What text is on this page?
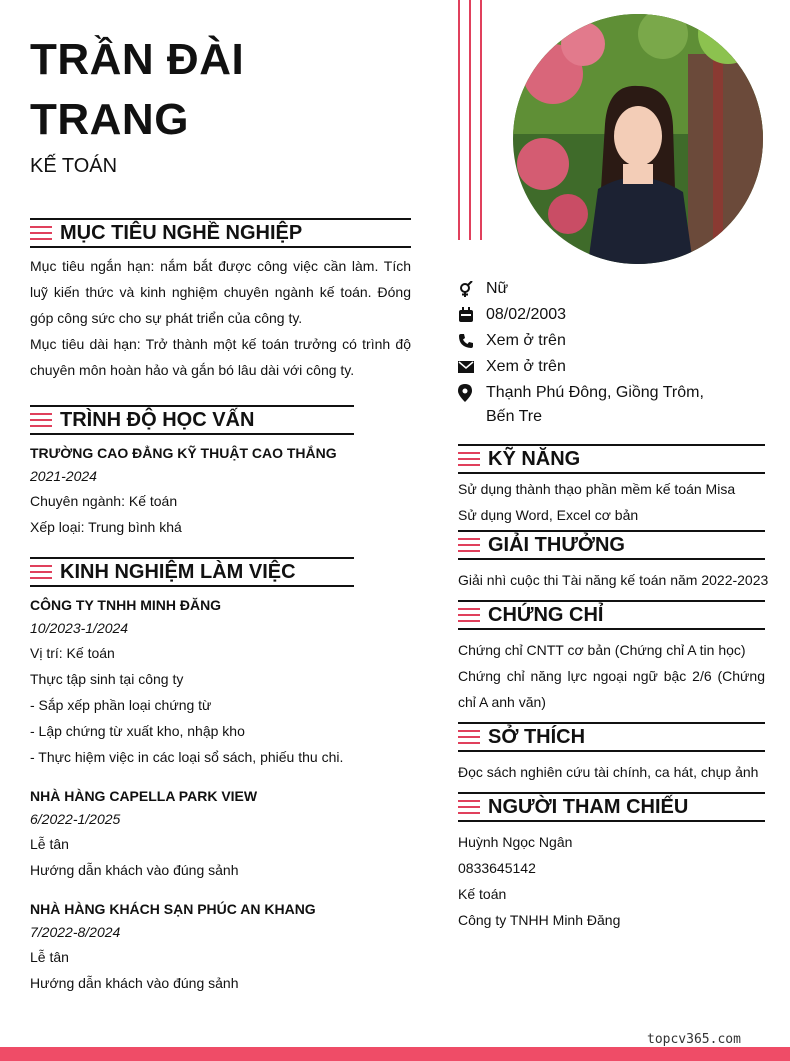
TRẦN ĐÀI
TRANG
KẾ TOÁN
MỤC TIÊU NGHỀ NGHIỆP
Mục tiêu ngắn hạn: nắm bắt được công việc cần làm. Tích luỹ kiến thức và kinh nghiệm chuyên ngành kế toán. Đóng góp công sức cho sự phát triển của công ty.
Mục tiêu dài hạn: Trở thành một kế toán trưởng có trình độ chuyên môn hoàn hảo và gắn bó lâu dài với công ty.
TRÌNH ĐỘ HỌC VẤN
TRƯỜNG CAO ĐẲNG KỸ THUẬT CAO THẮNG
2021-2024
Chuyên ngành: Kế toán
Xếp loại: Trung bình khá
KINH NGHIỆM LÀM VIỆC
CÔNG TY TNHH MINH ĐĂNG
10/2023-1/2024
Vị trí: Kế toán
Thực tập sinh tại công ty
- Sắp xếp phần loại chứng từ
- Lập chứng từ xuất kho, nhập kho
- Thực hiệm việc in các loại sổ sách, phiếu thu chi.
NHÀ HÀNG CAPELLA PARK VIEW
6/2022-1/2025
Lễ tân
Hướng dẫn khách vào đúng sảnh
NHÀ HÀNG KHÁCH SẠN PHÚC AN KHANG
7/2022-8/2024
Lễ tân
Hướng dẫn khách vào đúng sảnh
Nữ
08/02/2003
Xem ở trên
Xem ở trên
Thạnh Phú Đông, Giồng Trôm, Bến Tre
KỸ NĂNG
Sử dụng thành thạo phần mềm kế toán Misa
Sử dụng Word, Excel cơ bản
GIẢI THƯỞNG
Giải nhì cuộc thi Tài năng kế toán năm 2022-2023
CHỨNG CHỈ
Chứng chỉ CNTT cơ bản (Chứng chỉ A tin học)
Chứng chỉ năng lực ngoại ngữ bậc 2/6 (Chứng chỉ A anh văn)
SỞ THÍCH
Đọc sách nghiên cứu tài chính, ca hát, chụp ảnh
NGƯỜI THAM CHIẾU
Huỳnh Ngọc Ngân
0833645142
Kế toán
Công ty TNHH Minh Đăng
topcv365.com
